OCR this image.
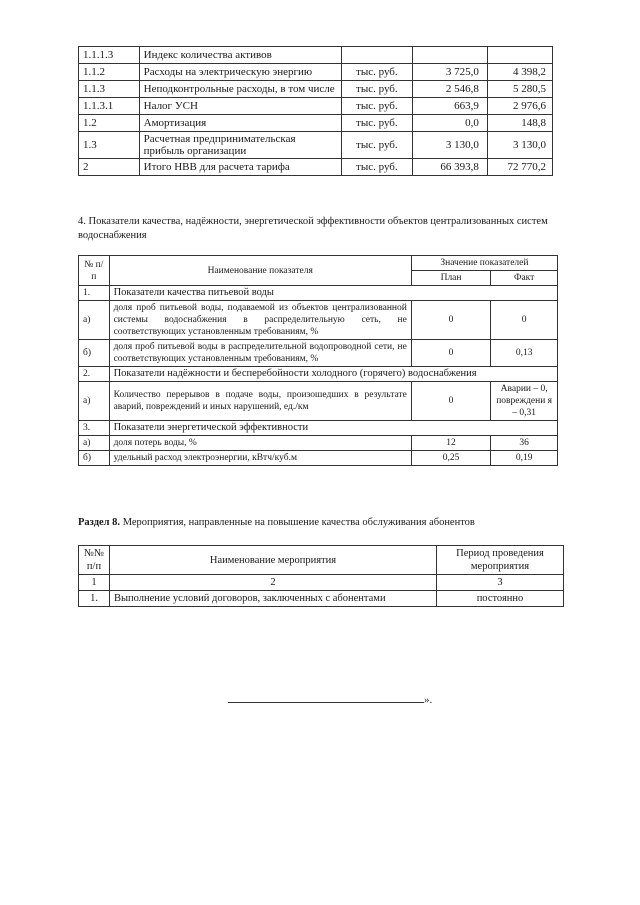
1.1.1.3	Индекс количества активов			
1.1.2	Расходы на электрическую энергию	тыс. руб.	3 725,0	4 398,2
1.1.3	Неподконтрольные расходы, в том числе	тыс. руб.	2 546,8	5 280,5
1.1.3.1	Налог УСН	тыс. руб.	663,9	2 976,6
1.2	Амортизация	тыс. руб.	0,0	148,8
1.3	Расчетная предпринимательская прибыль организации	тыс. руб.	3 130,0	3 130,0
2	Итого НВВ для расчета тарифа	тыс. руб.	66 393,8	72 770,2
4. Показатели качества, надёжности, энергетической эффективности объектов централизованных систем водоснабжения
№ п/п	Наименование показателя	Значение показателей	
		План	Факт
1.	Показатели качества питьевой воды		
а)	доля проб питьевой воды, подаваемой из объектов централизованной системы водоснабжения в распределительную сеть, не соответствующих установленным требованиям, %	0	0
б)	доля проб питьевой воды в распределительной водопроводной сети, не соответствующих установленным требованиям, %	0	0,13
2.	Показатели надёжности и бесперебойности холодного (горячего) водоснабжения		
а)	Количество перерывов в подаче воды, произошедших в результате аварий, повреждений и иных нарушений, ед./км	0	Аварии – 0, повреждени я – 0,31
3.	Показатели энергетической эффективности		
а)	доля потерь воды, %	12	36
б)	удельный расход электроэнергии, кВтч/куб.м	0,25	0,19
Раздел 8. Мероприятия, направленные на повышение качества обслуживания абонентов
№№ п/п	Наименование мероприятия	Период проведения мероприятия
1	2	3
1.	Выполнение условий договоров, заключенных с абонентами	постоянно
».
